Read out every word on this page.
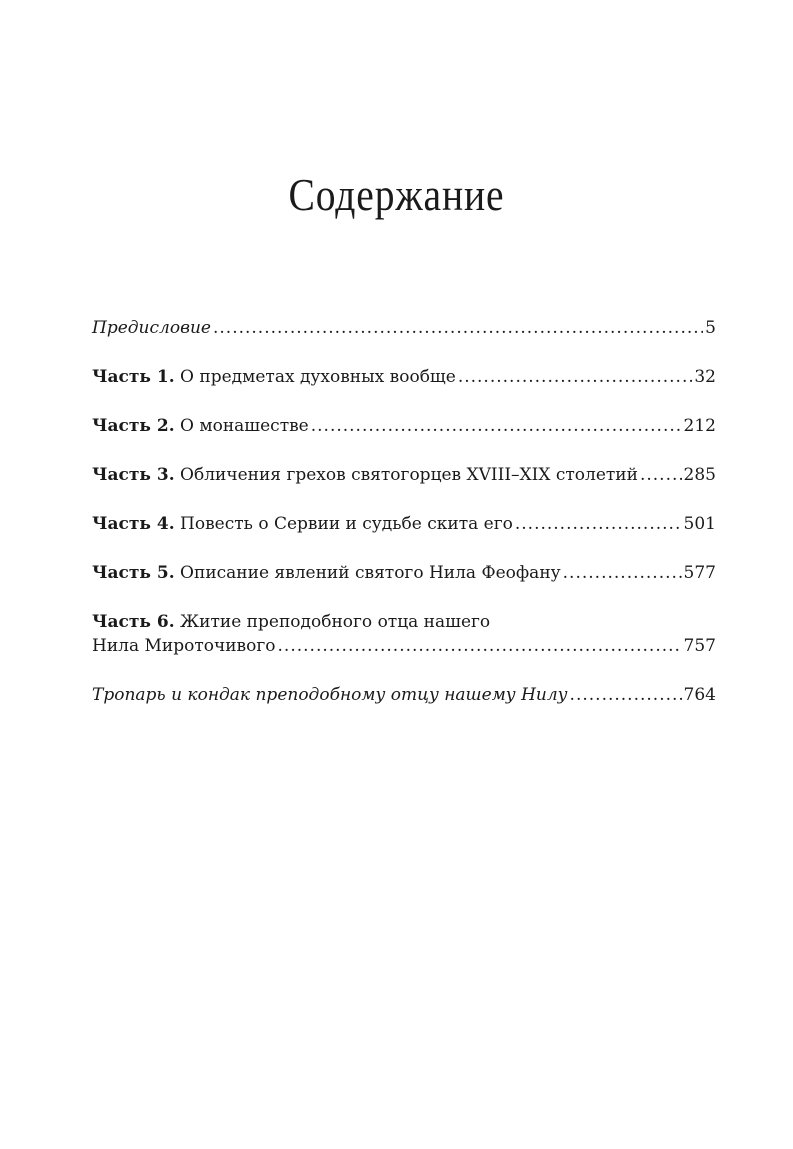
Содержание
Предисловие .....	5
Часть 1. О предметах духовных вообще .....	32
Часть 2. О монашестве .....	212
Часть 3. Обличения грехов святогорцев XVIII–XIX столетий .....	285
Часть 4. Повесть о Сервии и судьбе скита его .....	501
Часть 5. Описание явлений святого Нила Феофану .....	577
Часть 6. Житие преподобного отца нашего
Нила Мироточивого .....	757
Тропарь и кондак преподобному отцу нашему Нилу .....	764
